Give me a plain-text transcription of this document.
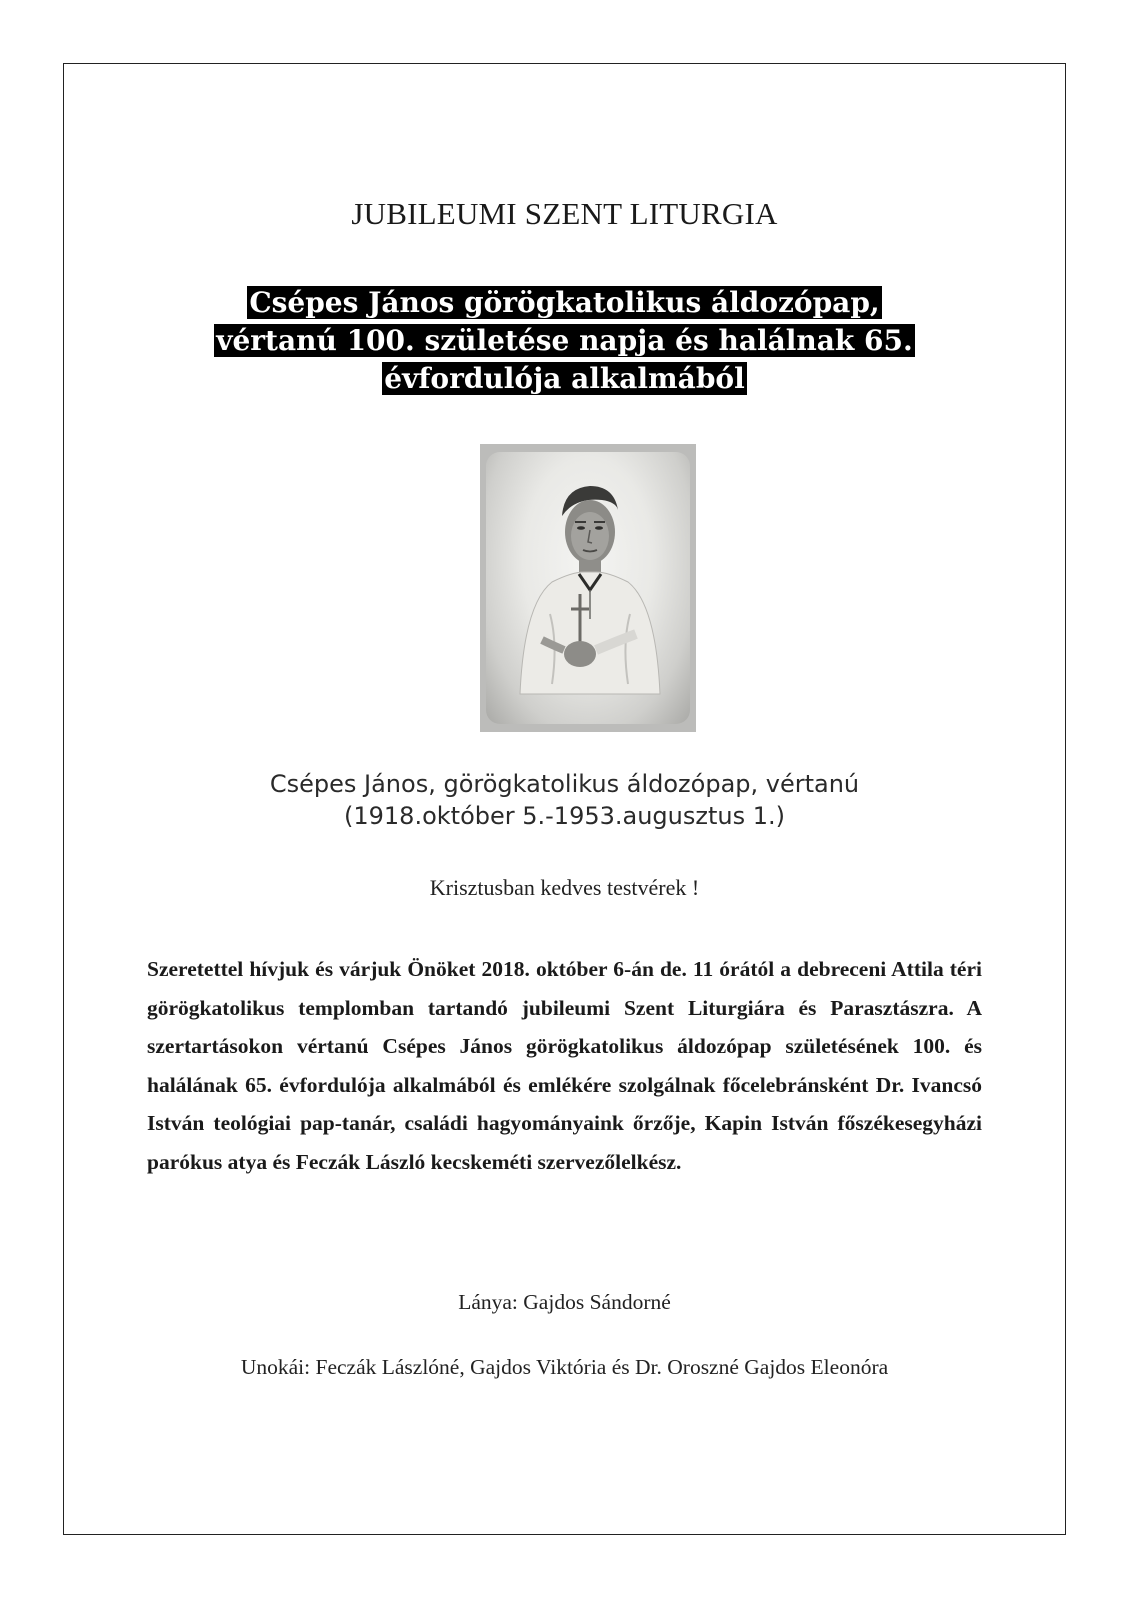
JUBILEUMI SZENT LITURGIA
Csépes János görögkatolikus áldozópap,
vértanú 100. születése napja és halálnak 65.
évfordulója alkalmából
Csépes János, görögkatolikus áldozópap, vértanú
(1918.október 5.-1953.augusztus 1.)
Krisztusban kedves testvérek !
Szeretettel hívjuk és várjuk Önöket 2018. október 6-án de. 11 órától a debreceni Attila téri görögkatolikus templomban tartandó jubileumi Szent Liturgiára és Parasztászra. A szertartásokon vértanú Csépes János görögkatolikus áldozópap születésének 100. és halálának 65. évfordulója alkalmából és emlékére szolgálnak főcelebránsként Dr. Ivancsó István teológiai pap-tanár, családi hagyományaink őrzője, Kapin István főszékesegyházi parókus atya és Feczák László kecskeméti szervezőlelkész.
Lánya: Gajdos Sándorné
Unokái: Feczák Lászlóné, Gajdos Viktória és Dr. Oroszné Gajdos Eleonóra
